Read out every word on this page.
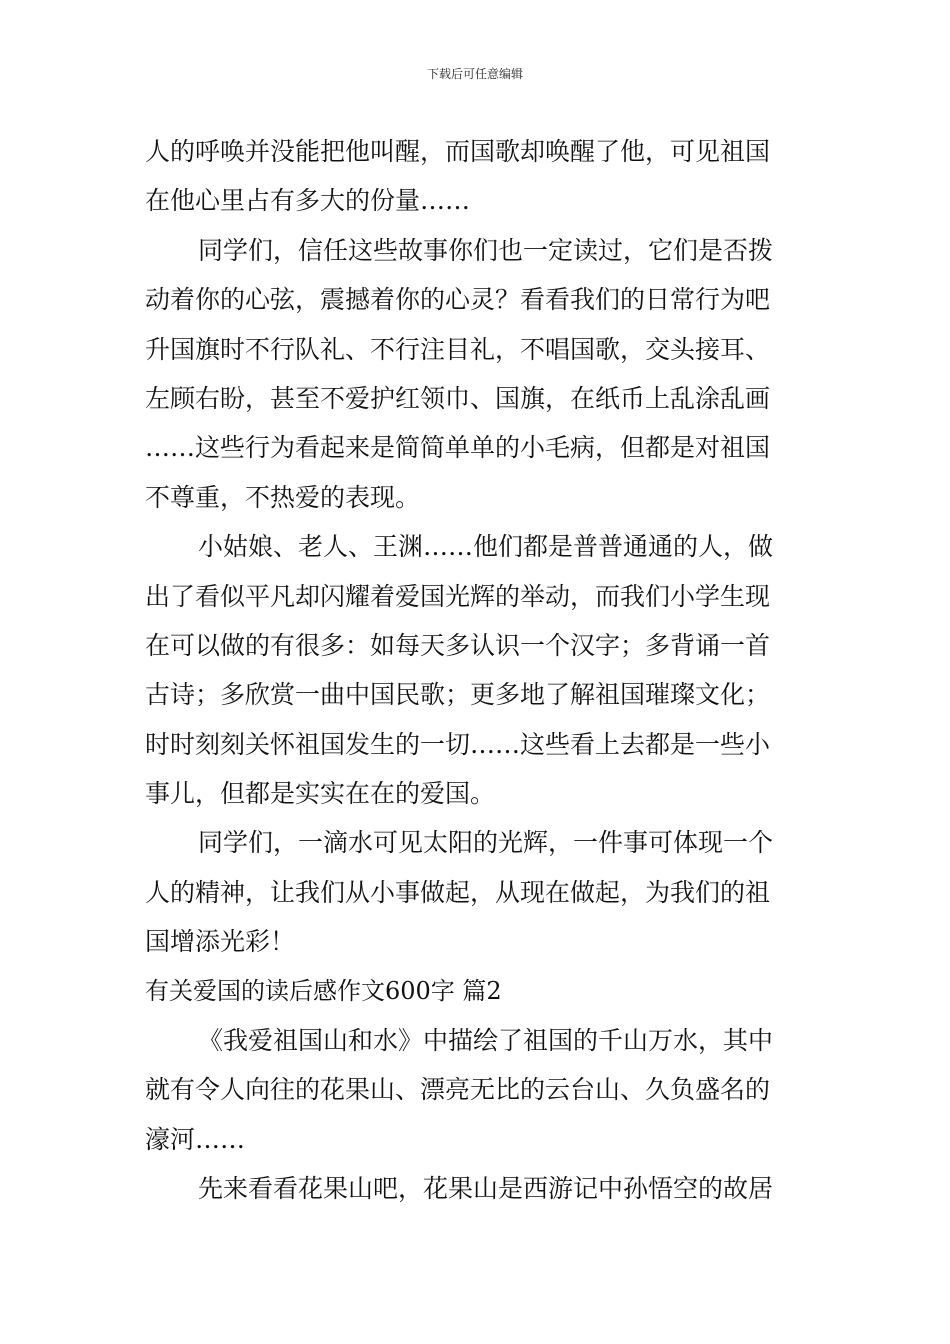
下载后可任意编辑
人的呼唤并没能把他叫醒，而国歌却唤醒了他，可见祖国
在他心里占有多大的份量……
同学们，信任这些故事你们也一定读过，它们是否拨
动着你的心弦，震撼着你的心灵？看看我们的日常行为吧
升国旗时不行队礼、不行注目礼，不唱国歌，交头接耳、
左顾右盼，甚至不爱护红领巾、国旗，在纸币上乱涂乱画
……这些行为看起来是简简单单的小毛病，但都是对祖国
不尊重，不热爱的表现。
小姑娘、老人、王渊……他们都是普普通通的人，做
出了看似平凡却闪耀着爱国光辉的举动，而我们小学生现
在可以做的有很多：如每天多认识一个汉字；多背诵一首
古诗；多欣赏一曲中国民歌；更多地了解祖国璀璨文化；
时时刻刻关怀祖国发生的一切……这些看上去都是一些小
事儿，但都是实实在在的爱国。
同学们，一滴水可见太阳的光辉，一件事可体现一个
人的精神，让我们从小事做起，从现在做起，为我们的祖
国增添光彩！
有关爱国的读后感作文600字 篇2
《我爱祖国山和水》中描绘了祖国的千山万水，其中
就有令人向往的花果山、漂亮无比的云台山、久负盛名的
濠河……
先来看看花果山吧，花果山是西游记中孙悟空的故居
